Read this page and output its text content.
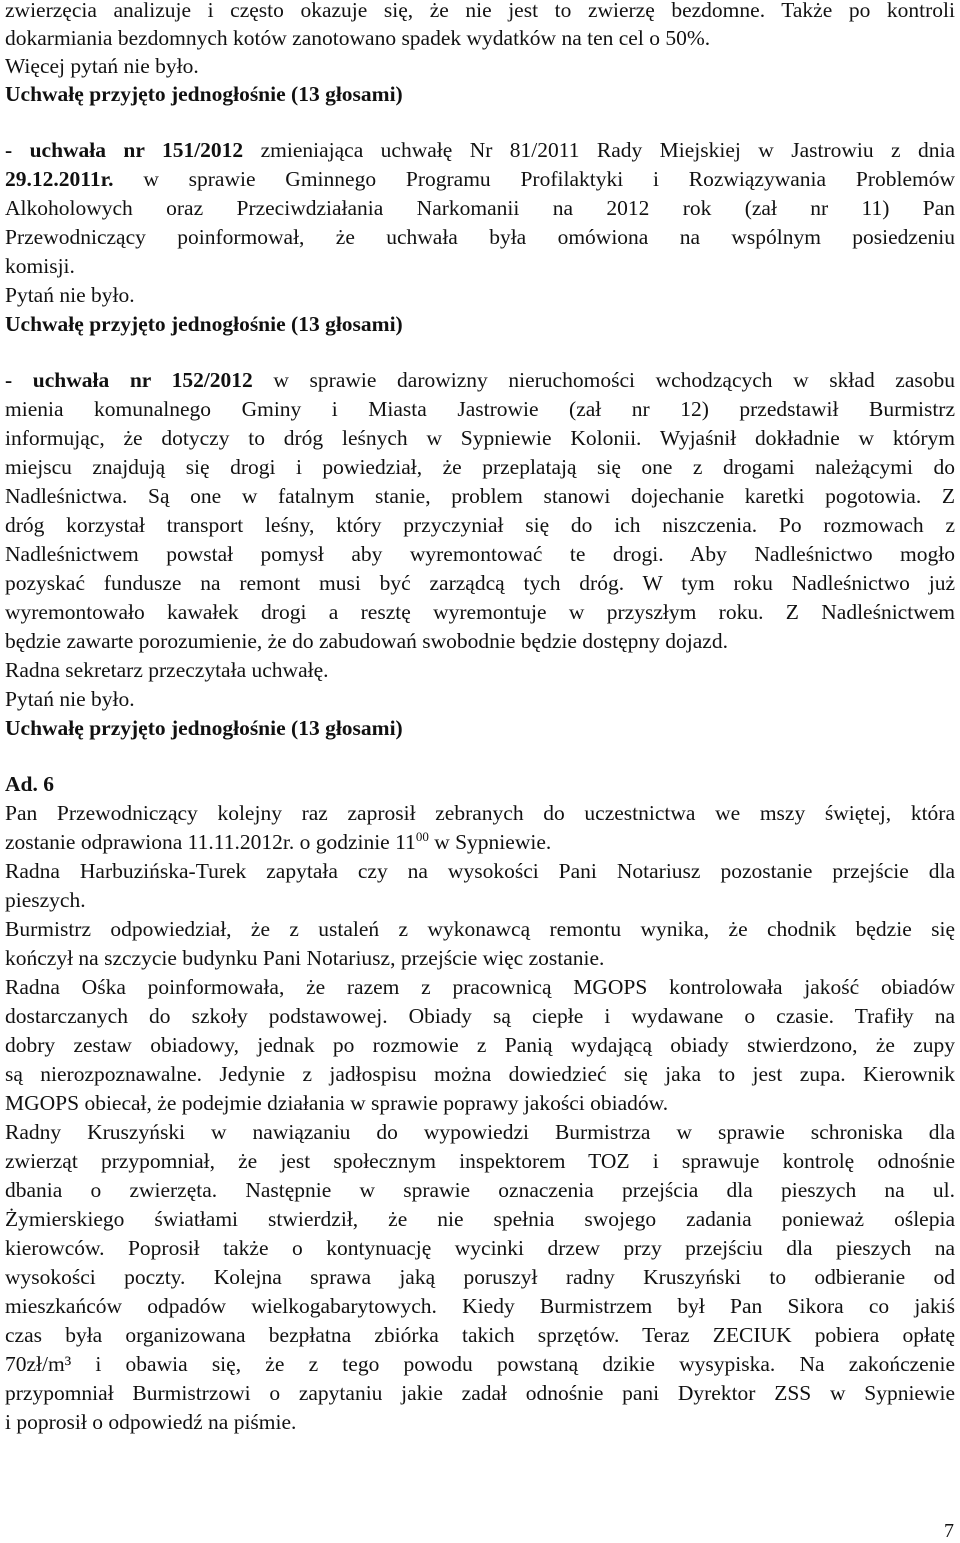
zwierzęcia analizuje i często okazuje się, że nie jest to zwierzę bezdomne. Także po kontroli
dokarmiania bezdomnych kotów zanotowano spadek wydatków na ten cel o 50%.
Więcej pytań nie było.
Uchwałę przyjęto jednogłośnie (13 głosami)
- uchwała nr 151/2012 zmieniająca uchwałę Nr 81/2011 Rady Miejskiej w Jastrowiu z dnia
29.12.2011r. w sprawie Gminnego Programu Profilaktyki i Rozwiązywania Problemów
Alkoholowych oraz Przeciwdziałania Narkomanii na 2012 rok (zał nr 11) Pan
Przewodniczący poinformował, że uchwała była omówiona na wspólnym posiedzeniu
komisji.
Pytań nie było.
Uchwałę przyjęto jednogłośnie (13 głosami)
- uchwała nr 152/2012 w sprawie darowizny nieruchomości wchodzących w skład zasobu
mienia komunalnego Gminy i Miasta Jastrowie (zał nr 12) przedstawił Burmistrz
informując, że dotyczy to dróg leśnych w Sypniewie Kolonii. Wyjaśnił dokładnie w którym
miejscu znajdują się drogi i powiedział, że przeplatają się one z drogami należącymi do
Nadleśnictwa. Są one w fatalnym stanie, problem stanowi dojechanie karetki pogotowia. Z
dróg korzystał transport leśny, który przyczyniał się do ich niszczenia. Po rozmowach z
Nadleśnictwem powstał pomysł aby wyremontować te drogi. Aby Nadleśnictwo mogło
pozyskać fundusze na remont musi być zarządcą tych dróg. W tym roku Nadleśnictwo już
wyremontowało kawałek drogi a resztę wyremontuje w przyszłym roku. Z Nadleśnictwem
będzie zawarte porozumienie, że do zabudowań swobodnie będzie dostępny dojazd.
Radna sekretarz przeczytała uchwałę.
Pytań nie było.
Uchwałę przyjęto jednogłośnie (13 głosami)
Ad. 6
Pan Przewodniczący kolejny raz zaprosił zebranych do uczestnictwa we mszy świętej, która
zostanie odprawiona 11.11.2012r. o godzinie $11^{00}$ w Sypniewie.
Radna Harbuzińska-Turek zapytała czy na wysokości Pani Notariusz pozostanie przejście dla
pieszych.
Burmistrz odpowiedział, że z ustaleń z wykonawcą remontu wynika, że chodnik będzie się
kończył na szczycie budynku Pani Notariusz, przejście więc zostanie.
Radna Ośka poinformowała, że razem z pracownicą MGOPS kontrolowała jakość obiadów
dostarczanych do szkoły podstawowej. Obiady są ciepłe i wydawane o czasie. Trafiły na
dobry zestaw obiadowy, jednak po rozmowie z Panią wydającą obiady stwierdzono, że zupy
są nierozpoznawalne. Jedynie z jadłospisu można dowiedzieć się jaka to jest zupa. Kierownik
MGOPS obiecał, że podejmie działania w sprawie poprawy jakości obiadów.
Radny Kruszyński w nawiązaniu do wypowiedzi Burmistrza w sprawie schroniska dla
zwierząt przypomniał, że jest społecznym inspektorem TOZ i sprawuje kontrolę odnośnie
dbania o zwierzęta. Następnie w sprawie oznaczenia przejścia dla pieszych na ul.
Żymierskiego światłami stwierdził, że nie spełnia swojego zadania ponieważ oślepia
kierowców. Poprosił także o kontynuację wycinki drzew przy przejściu dla pieszych na
wysokości poczty. Kolejna sprawa jaką poruszył radny Kruszyński to odbieranie od
mieszkańców odpadów wielkogabarytowych. Kiedy Burmistrzem był Pan Sikora co jakiś
czas była organizowana bezpłatna zbiórka takich sprzętów. Teraz ZECIUK pobiera opłatę
70zł/m³ i obawia się, że z tego powodu powstaną dzikie wysypiska. Na zakończenie
przypomniał Burmistrzowi o zapytaniu jakie zadał odnośnie pani Dyrektor ZSS w Sypniewie
i poprosił o odpowiedź na piśmie.
7
